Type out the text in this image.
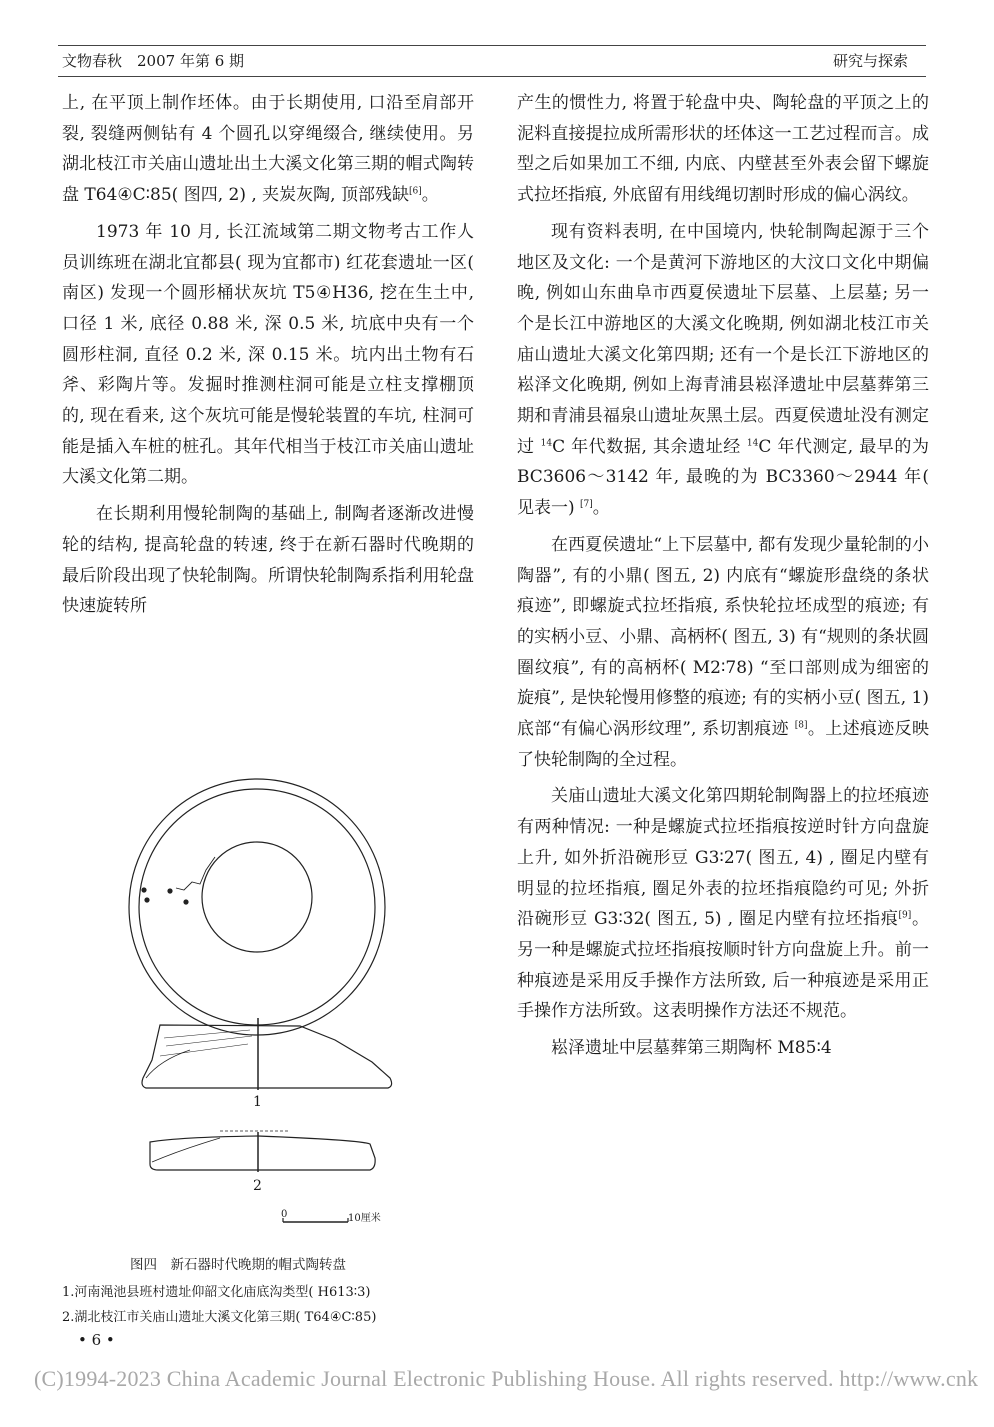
文物春秋　2007 年第 6 期	研究与探索

上, 在平顶上制作坯体。由于长期使用, 口沿至肩部开裂, 裂缝两侧钻有 4 个圆孔以穿绳缀合, 继续使用。另湖北枝江市关庙山遗址出土大溪文化第三期的帽式陶转盘 T64④C∶85( 图四, 2) , 夹炭灰陶, 顶部残缺[6]。

1973 年 10 月, 长江流域第二期文物考古工作人员训练班在湖北宜都县( 现为宜都市) 红花套遗址一区( 南区) 发现一个圆形桶状灰坑 T5④H36, 挖在生土中, 口径 1 米, 底径 0.88 米, 深 0.5 米, 坑底中央有一个圆形柱洞, 直径 0.2 米, 深 0.15 米。坑内出土物有石斧、彩陶片等。发掘时推测柱洞可能是立柱支撑棚顶的, 现在看来, 这个灰坑可能是慢轮装置的车坑, 柱洞可能是插入车桩的桩孔。其年代相当于枝江市关庙山遗址大溪文化第二期。

在长期利用慢轮制陶的基础上, 制陶者逐渐改进慢轮的结构, 提高轮盘的转速, 终于在新石器时代晚期的最后阶段出现了快轮制陶。所谓快轮制陶系指利用轮盘快速旋转所

产生的惯性力, 将置于轮盘中央、陶轮盘的平顶之上的泥料直接提拉成所需形状的坯体这一工艺过程而言。成型之后如果加工不细, 内底、内壁甚至外表会留下螺旋式拉坯指痕, 外底留有用线绳切割时形成的偏心涡纹。

现有资料表明, 在中国境内, 快轮制陶起源于三个地区及文化: 一个是黄河下游地区的大汶口文化中期偏晚, 例如山东曲阜市西夏侯遗址下层墓、上层墓; 另一个是长江中游地区的大溪文化晚期, 例如湖北枝江市关庙山遗址大溪文化第四期; 还有一个是长江下游地区的崧泽文化晚期, 例如上海青浦县崧泽遗址中层墓葬第三期和青浦县福泉山遗址灰黑土层。西夏侯遗址没有测定过 $^{14}$C 年代数据, 其余遗址经 $^{14}$C 年代测定, 最早的为 BC3606～3142 年, 最晚的为 BC3360～2944 年( 见表一) [7]。

在西夏侯遗址“上下层墓中, 都有发现少量轮制的小陶器”, 有的小鼎( 图五, 2) 内底有“螺旋形盘绕的条状痕迹”, 即螺旋式拉坯指痕, 系快轮拉坯成型的痕迹; 有的实柄小豆、小鼎、高柄杯( 图五, 3) 有“规则的条状圆圈纹痕”, 有的高柄杯( M2∶78) “至口部则成为细密的旋痕”, 是快轮慢用修整的痕迹; 有的实柄小豆( 图五, 1) 底部“有偏心涡形纹理”, 系切割痕迹 [8]。上述痕迹反映了快轮制陶的全过程。

关庙山遗址大溪文化第四期轮制陶器上的拉坯痕迹有两种情况: 一种是螺旋式拉坯指痕按逆时针方向盘旋上升, 如外折沿碗形豆 G3∶27( 图五, 4) , 圈足内壁有明显的拉坯指痕, 圈足外表的拉坯指痕隐约可见; 外折沿碗形豆 G3∶32( 图五, 5) , 圈足内壁有拉坯指痕[9]。另一种是螺旋式拉坯指痕按顺时针方向盘旋上升。前一种痕迹是采用反手操作方法所致, 后一种痕迹是采用正手操作方法所致。这表明操作方法还不规范。

崧泽遗址中层墓葬第三期陶杯 M85∶4

1
2
0	10厘米
图四　新石器时代晚期的帽式陶转盘
1.河南渑池县班村遗址仰韶文化庙底沟类型( H613∶3)
2.湖北枝江市关庙山遗址大溪文化第三期( T64④C∶85)
• 6 •
(C)1994-2023 China Academic Journal Electronic Publishing House. All rights reserved. http://www.cnk
